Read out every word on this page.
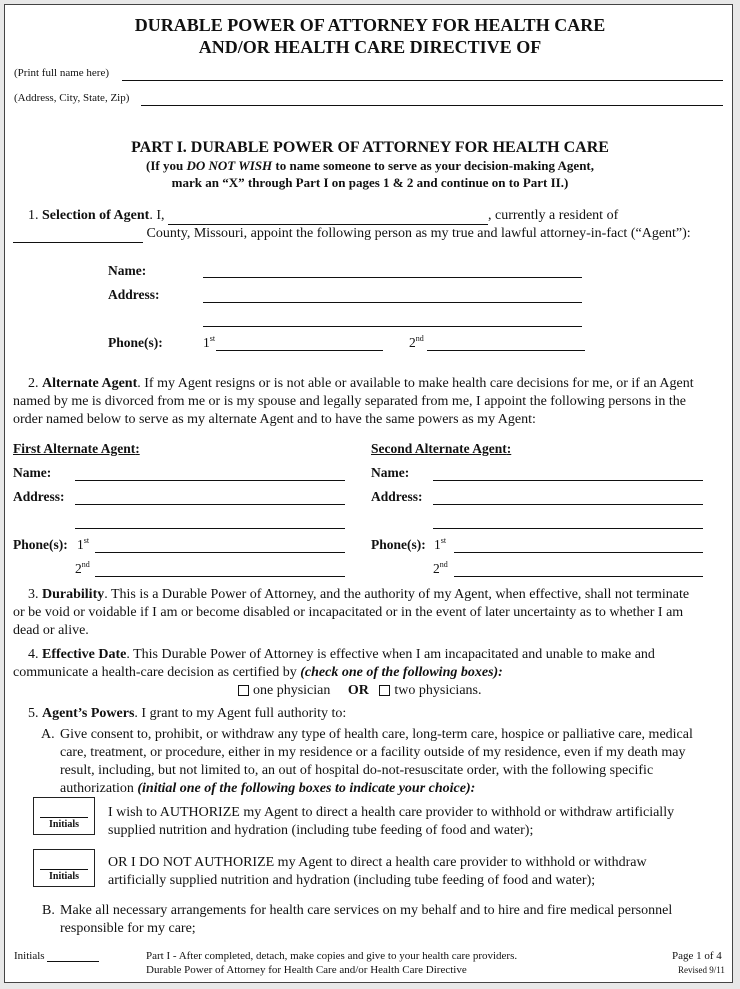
DURABLE POWER OF ATTORNEY FOR HEALTH CARE
AND/OR HEALTH CARE DIRECTIVE OF
(Print full name here)
(Address, City, State, Zip)
PART I. DURABLE POWER OF ATTORNEY FOR HEALTH CARE
(If you DO NOT WISH to name someone to serve as your decision-making Agent,
mark an “X” through Part I on pages 1 & 2 and continue on to Part II.)
1. Selection of Agent. I,	, currently a resident of
County, Missouri, appoint the following person as my true and lawful attorney-in-fact (“Agent”):
Name:
Address:
Phone(s):	1st	2nd
2. Alternate Agent. If my Agent resigns or is not able or available to make health care decisions for me, or if an Agent
named by me is divorced from me or is my spouse and legally separated from me, I appoint the following persons in the
order named below to serve as my alternate Agent and to have the same powers as my Agent:
First Alternate Agent:	Second Alternate Agent:
Name:	Name:
Address:	Address:
Phone(s): 1st	Phone(s): 1st
2nd	2nd
3. Durability. This is a Durable Power of Attorney, and the authority of my Agent, when effective, shall not terminate
or be void or voidable if I am or become disabled or incapacitated or in the event of later uncertainty as to whether I am
dead or alive.
4. Effective Date. This Durable Power of Attorney is effective when I am incapacitated and unable to make and
communicate a health-care decision as certified by (check one of the following boxes):
one physician OR two physicians.
5. Agent’s Powers. I grant to my Agent full authority to:
A. Give consent to, prohibit, or withdraw any type of health care, long-term care, hospice or palliative care, medical
care, treatment, or procedure, either in my residence or a facility outside of my residence, even if my death may
result, including, but not limited to, an out of hospital do-not-resuscitate order, with the following specific
authorization (initial one of the following boxes to indicate your choice):
Initials
I wish to AUTHORIZE my Agent to direct a health care provider to withhold or withdraw artificially
supplied nutrition and hydration (including tube feeding of food and water);
Initials
OR I DO NOT AUTHORIZE my Agent to direct a health care provider to withhold or withdraw
artificially supplied nutrition and hydration (including tube feeding of food and water);
B. Make all necessary arrangements for health care services on my behalf and to hire and fire medical personnel
responsible for my care;
Initials	Part I - After completed, detach, make copies and give to your health care providers.
Durable Power of Attorney for Health Care and/or Health Care Directive
Page 1 of 4
Revised 9/11
